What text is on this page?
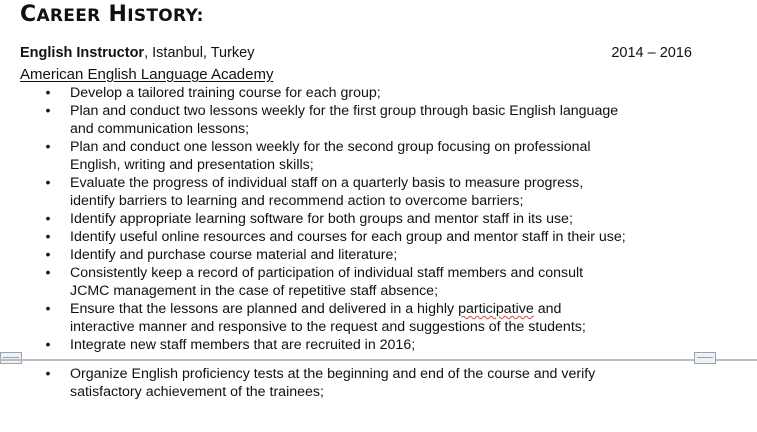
CAREER HISTORY:
English Instructor, Istanbul, Turkey	2014 – 2016
American English Language Academy
• Develop a tailored training course for each group;
• Plan and conduct two lessons weekly for the first group through basic English language
and communication lessons;
• Plan and conduct one lesson weekly for the second group focusing on professional
English, writing and presentation skills;
• Evaluate the progress of individual staff on a quarterly basis to measure progress,
identify barriers to learning and recommend action to overcome barriers;
• Identify appropriate learning software for both groups and mentor staff in its use;
• Identify useful online resources and courses for each group and mentor staff in their use;
• Identify and purchase course material and literature;
• Consistently keep a record of participation of individual staff members and consult
JCMC management in the case of repetitive staff absence;
• Ensure that the lessons are planned and delivered in a highly participative and
interactive manner and responsive to the request and suggestions of the students;
• Integrate new staff members that are recruited in 2016;
• Organize English proficiency tests at the beginning and end of the course and verify
satisfactory achievement of the trainees;
